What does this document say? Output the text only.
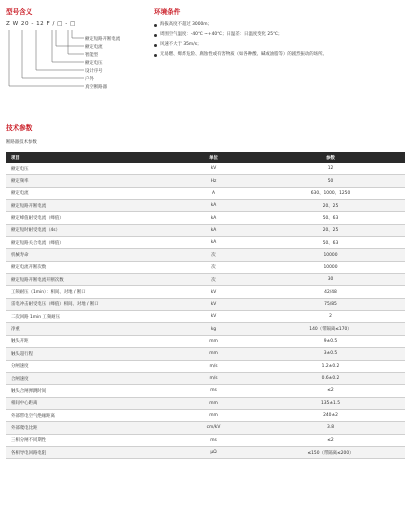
型号含义
Z W 20 - 12 F / □ - □
额定短路开断电流
额定电流
智能型
额定电压
设计序号
户外
真空断路器
环境条件
海拔高度不超过 3000m；
周围空气温度：-40℃ ~+40℃；日温差：日温度变化 25℃；
风速不大于 35m/s；
无易燃、爆炸危险、腐蚀性或有害物质（如各种酸、碱或油脂等）的剧烈振动的场所。
技术参数
断路器技术参数
项目	单位	参数
额定电压	kV	12
额定频率	Hz	50
额定电流	A	630、1000、1250
额定短路开断电流	kA	20、25
额定峰值耐受电流（峰值）	kA	50、63
额定短时耐受电流（4s）	kA	20、25
额定短路关合电流（峰值）	kA	50、63
机械寿命	次	10000
额定电流开断次数	次	10000
额定短路开断电流开断次数	次	30
工频耐压（1min）：相间、对地 / 断口	kV	42/48
雷电冲击耐受电压（峰值）相间、对地 / 断口	kV	75/85
二次回路 1min 工频耐压	kV	2
净重	kg	140（带隔离≤170）
触头开距	mm	9±0.5
触头超行程	mm	3±0.5
分闸速度	m/s	1.2±0.2
合闸速度	m/s	0.6±0.2
触头合闸弹跳时间	ms	≤2
相间中心距离	mm	135±1.5
外部带电空气绝缘距离	mm	240±2
外部爬电比距	cm/kV	3.8
三相分闸不同期性	ms	≤2
各相导电回路电阻	μΩ	≤150（带隔离≤200）
